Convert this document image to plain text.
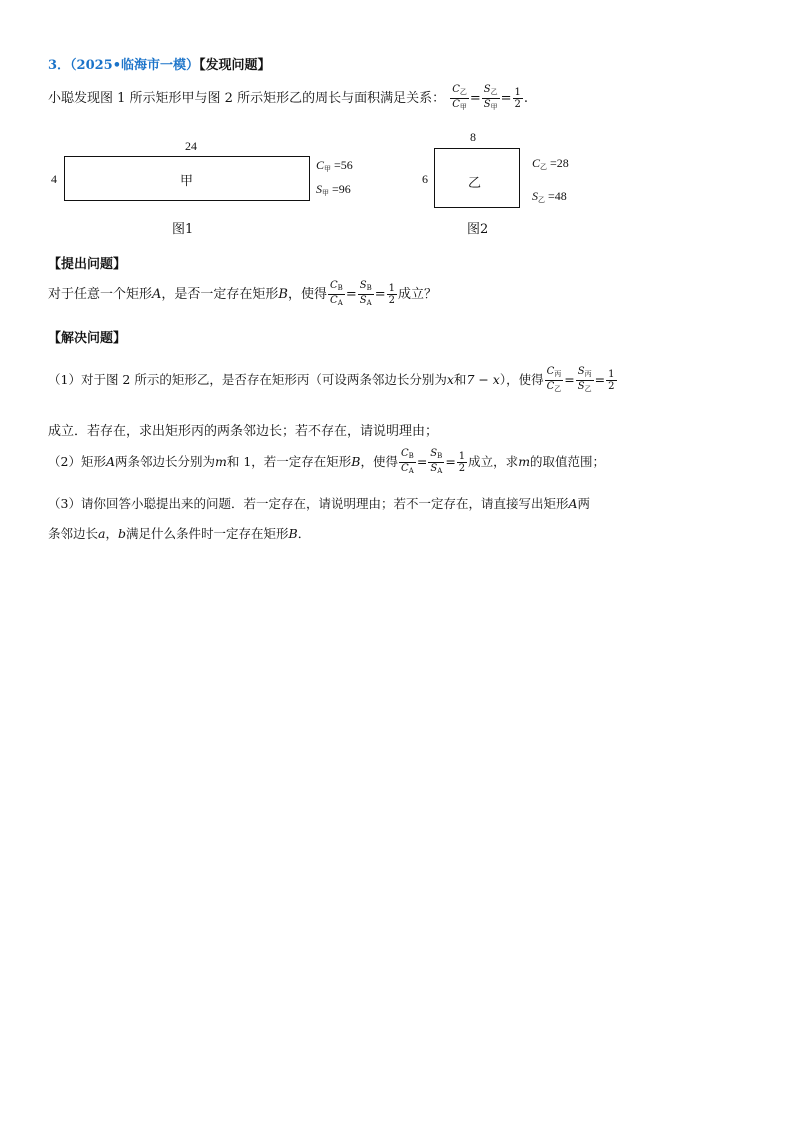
3．（2025•临海市一模）【发现问题】
小聪发现图 1 所示矩形甲与图 2 所示矩形乙的周长与面积满足关系： $\frac{C_乙}{C_甲} = \frac{S_乙}{S_甲} = \frac{1}{2}$ .
24
4	甲
$C_甲 =56$
$S_甲 =96$
图1
8
6	乙
$C_乙 =28$
$S_乙 =48$
图2
【提出问题】
对于任意一个矩形A，是否一定存在矩形B，使得 $\frac{C_B}{C_A} = \frac{S_B}{S_A} = \frac{1}{2}$ 成立？
【解决问题】
（1）对于图 2 所示的矩形乙，是否存在矩形丙（可设两条邻边长分别为x和7 − x），使得 $\frac{C_丙}{C_乙} = \frac{S_丙}{S_乙} = \frac{1}{2}$
成立．若存在，求出矩形丙的两条邻边长；若不存在，请说明理由；
（2）矩形A两条邻边长分别为m和 1，若一定存在矩形B，使得 $\frac{C_B}{C_A} = \frac{S_B}{S_A} = \frac{1}{2}$ 成立，求m的取值范围；
（3）请你回答小聪提出来的问题．若一定存在，请说明理由；若不一定存在，请直接写出矩形A两
条邻边长a，b满足什么条件时一定存在矩形B．
